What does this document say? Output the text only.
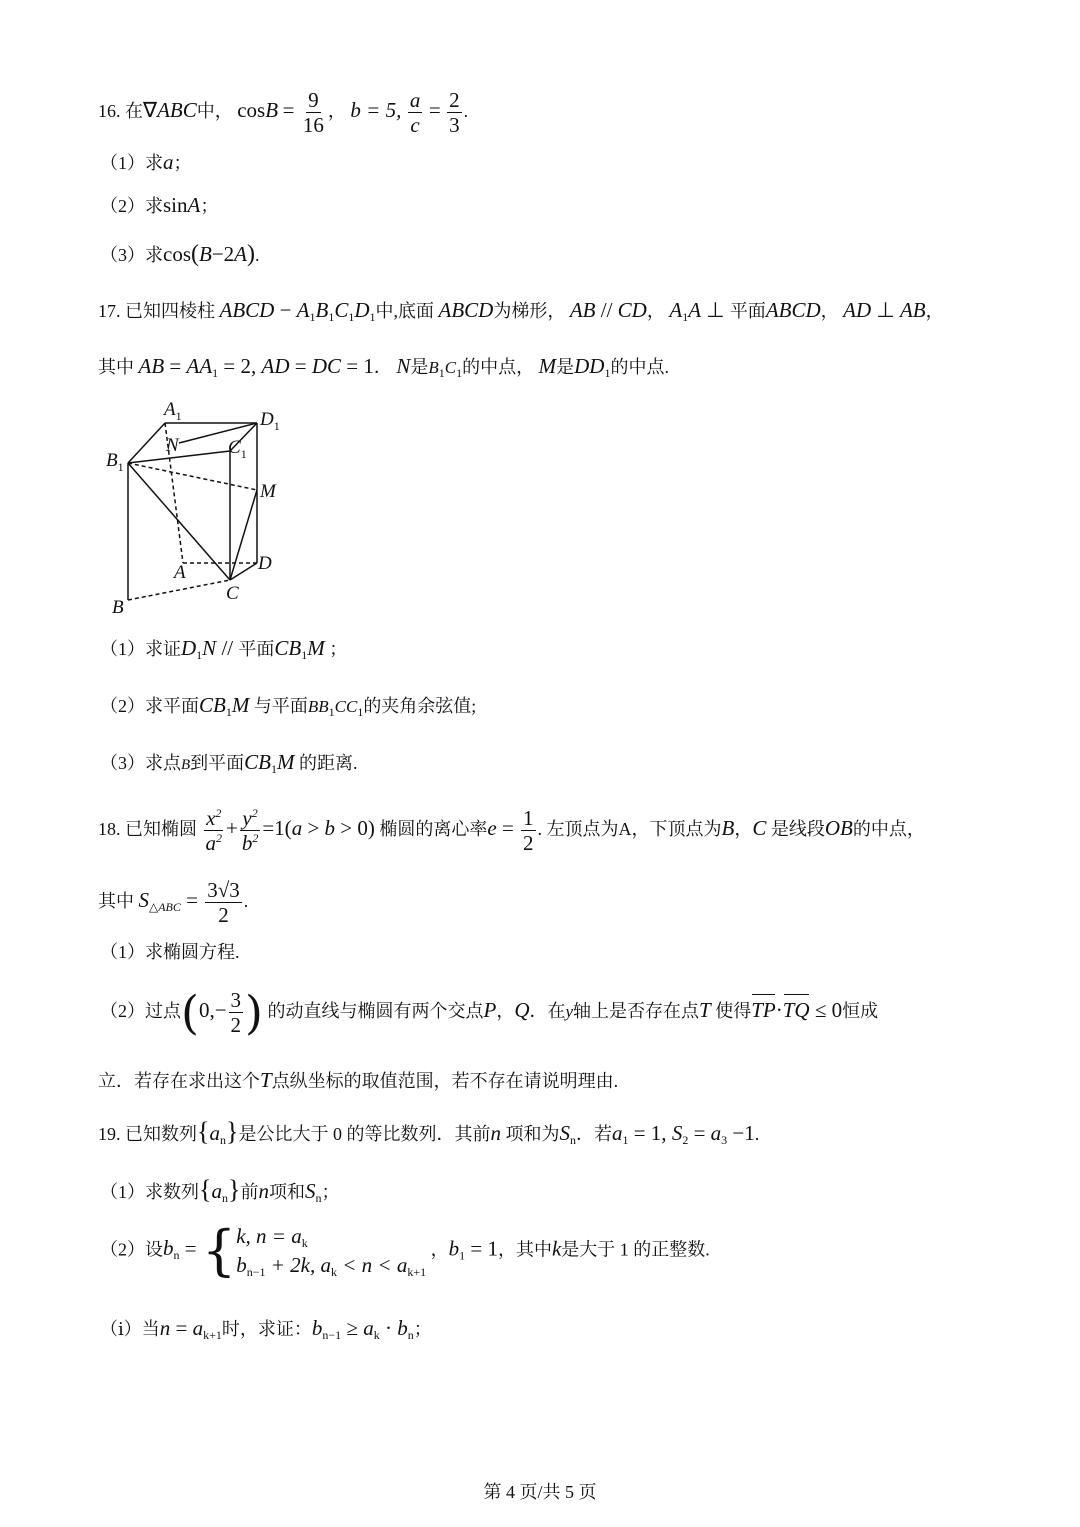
16. 在∇ABC中， $\cos B = \frac{9}{16}$ ， b = 5, $\frac{a}{c} = \frac{2}{3}$ .
（1）求a；
（2）求sinA；
（3）求cos(B−2A).
17. 已知四棱柱 ABCD − $A_1B_1C_1D_1$中,底面 ABCD为梯形， AB // CD， $A_1A$ ⊥ 平面ABCD， AD ⊥ AB，
其中 AB = $AA_1 = 2$, AD = DC = 1． N是$B_1C_1$的中点， M是$DD_1$的中点.
$A_1$	$D_1$
N	$C_1$
$B_1$
M
A	D
C
B
（1）求证$D_1N$ // 平面$CB_1M$ ；
（2）求平面$CB_1M$ 与平面$BB_1CC_1$的夹角余弦值;
（3）求点B到平面$CB_1M$ 的距离.
18. 已知椭圆 $\frac{x^2}{a^2} + \frac{y^2}{b^2} =1(a > b > 0)$ 椭圆的离心率$e = \frac{1}{2}$ . 左顶点为A，下顶点为B，C 是线段OB的中点，
其中 $S_{\triangle ABC} = \frac{3√3}{2}$ .
（1）求椭圆方程.
（2）过点($0,- \frac{3}{2}$ ) 的动直线与椭圆有两个交点P，Q．在y轴上是否存在点T 使得TP·TQ ≤ 0恒成
立．若存在求出这个T点纵坐标的取值范围，若不存在请说明理由.
19. 已知数列$\{a_n\}$是公比大于 0 的等比数列．其前n 项和为$S_n$．若$a_1 = 1$, $S_2 = a_3 -1$.
（1）求数列$\{a_n\}$前n项和$S_n$；
（2）设$b_n$ = { k, $n = a_k$
$b_{n-1} + 2k$, $a_k < n < a_{k+1}$
，$b_1 = 1$，其中k是大于 1 的正整数.
（ⅰ）当$n = a_{k+1}$时，求证：$b_{n-1} \ge a_k \cdot b_n$；
第 4 页/共 5 页
